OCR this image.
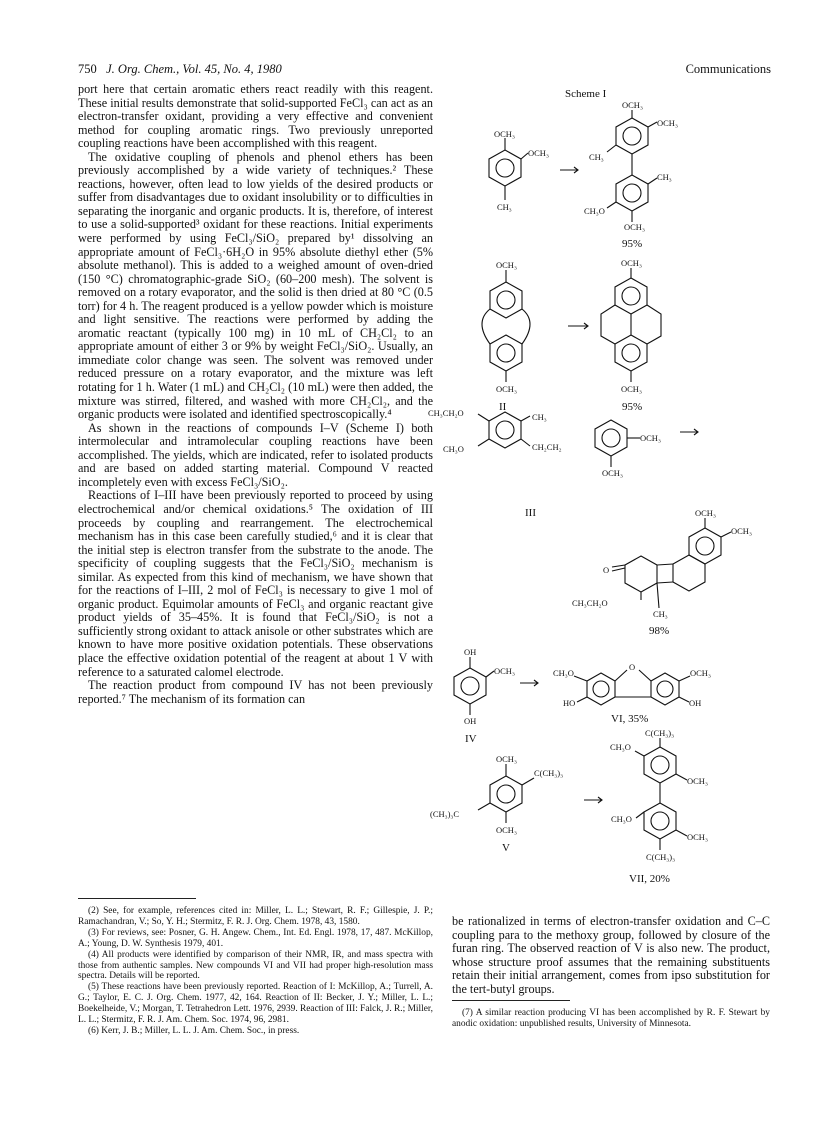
750 J. Org. Chem., Vol. 45, No. 4, 1980	Communications

port here that certain aromatic ethers react readily with this reagent. These initial results demonstrate that solid-supported FeCl₃ can act as an electron-transfer oxidant, providing a very effective and convenient method for coupling aromatic rings. Two previously unreported coupling reactions have been accomplished with this reagent.

The oxidative coupling of phenols and phenol ethers has been previously accomplished by a wide variety of techniques.² These reactions, however, often lead to low yields of the desired products or suffer from disadvantages due to oxidant insolubility or to difficulties in separating the inorganic and organic products. It is, therefore, of interest to use a solid-supported³ oxidant for these reactions. Initial experiments were performed by using FeCl₃/SiO₂ prepared by¹ dissolving an appropriate amount of FeCl₃·6H₂O in 95% absolute diethyl ether (5% absolute methanol). This is added to a weighed amount of oven-dried (150 °C) chromatographic-grade SiO₂ (60–200 mesh). The solvent is removed on a rotary evaporator, and the solid is then dried at 80 °C (0.5 torr) for 4 h. The reagent produced is a yellow powder which is moisture and light sensitive. The reactions were performed by adding the aromatic reactant (typically 100 mg) in 10 mL of CH₂Cl₂ to an appropriate amount of either 3 or 9% by weight FeCl₃/SiO₂. Usually, an immediate color change was seen. The solvent was removed under reduced pressure on a rotary evaporator, and the mixture was left rotating for 1 h. Water (1 mL) and CH₂Cl₂ (10 mL) were then added, the mixture was stirred, filtered, and washed with more CH₂Cl₂, and the organic products were isolated and identified spectroscopically.⁴

As shown in the reactions of compounds I–V (Scheme I) both intermolecular and intramolecular coupling reactions have been accomplished. The yields, which are indicated, refer to isolated products and are based on added starting material. Compound V reacted incompletely even with excess FeCl₃/SiO₂.

Reactions of I–III have been previously reported to proceed by using electrochemical and/or chemical oxidations.⁵ The oxidation of III proceeds by coupling and rearrangement. The electrochemical mechanism has in this case been carefully studied,⁶ and it is clear that the initial step is electron transfer from the substrate to the anode. The specificity of coupling suggests that the FeCl₃/SiO₂ mechanism is similar. As expected from this kind of mechanism, we have shown that for the reactions of I–III, 2 mol of FeCl₃ is necessary to give 1 mol of organic product. Equimolar amounts of FeCl₃ and organic reactant give product yields of 35–45%. It is found that FeCl₃/SiO₂ is not a sufficiently strong oxidant to attack anisole or other substrates which are known to have more positive oxidation potentials. These observations place the effective oxidation potential of the reagent at about 1 V with reference to a saturated calomel electrode.

The reaction product from compound IV has not been previously reported.⁷ The mechanism of its formation can

(2) See, for example, references cited in: Miller, L. L.; Stewart, R. F.; Gillespie, J. P.; Ramachandran, V.; So, Y. H.; Stermitz, F. R. J. Org. Chem. 1978, 43, 1580.

(3) For reviews, see: Posner, G. H. Angew. Chem., Int. Ed. Engl. 1978, 17, 487. McKillop, A.; Young, D. W. Synthesis 1979, 401.

(4) All products were identified by comparison of their NMR, IR, and mass spectra with those from authentic samples. New compounds VI and VII had proper high-resolution mass spectra. Details will be reported.

(5) These reactions have been previously reported. Reaction of I: McKillop, A.; Turrell, A. G.; Taylor, E. C. J. Org. Chem. 1977, 42, 164. Reaction of II: Becker, J. Y.; Miller, L. L.; Boekelheide, V.; Morgan, T. Tetrahedron Lett. 1976, 2939. Reaction of III: Falck, J. R.; Miller, L. L.; Stermitz, F. R. J. Am. Chem. Soc. 1974, 96, 2981.

(6) Kerr, J. B.; Miller, L. L. J. Am. Chem. Soc., in press.

be rationalized in terms of electron-transfer oxidation and C–C coupling para to the methoxy group, followed by closure of the furan ring. The observed reaction of V is also new. The product, whose structure proof assumes that the remaining substituents retain their initial arrangement, comes from ipso substitution for the tert-butyl groups.
(7) A similar reaction producing VI has been accomplished by R. F. Stewart by anodic oxidation: unpublished results, University of Minnesota.
Scheme I
OCH₃
OCH₃
CH₃
OCH₃
OCH₃
CH₃
CH₃
CH₃O
OCH₃
95%
OCH₃
OCH₃
II
OCH₃
OCH₃
95%
CH₃CH₂O
CH₃O
CH₃
CH₂CH₂
OCH₃
OCH₃
III	OCH₃
OCH₃
O
CH₃CH₂O
CH₃
98%
OH
OCH₃
OH
IV
CH₃O
O
OCH₃
HO	OH
VI, 35%
OCH₃
C(CH₃)₃
(CH₃)₃C
OCH₃
V
C(CH₃)₃
CH₃O
OCH₃
CH₃O
OCH₃
C(CH₃)₃
VII, 20%
